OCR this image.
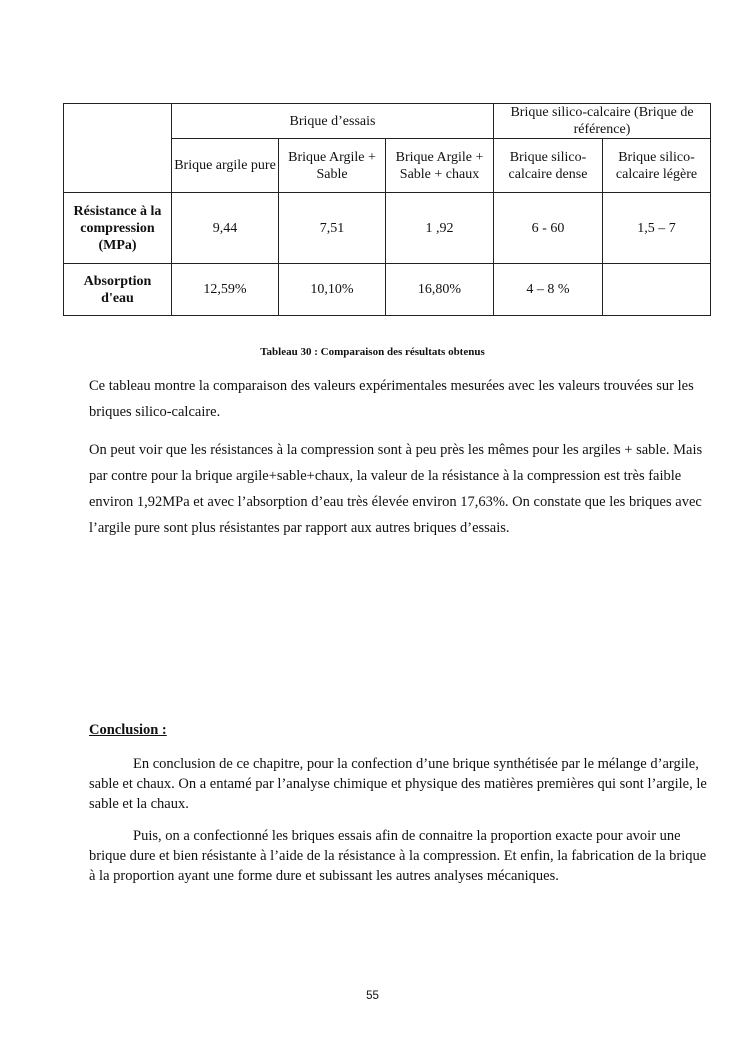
	Brique d’essais			Brique silico-calcaire (Brique de référence)	
	Brique argile pure	Brique Argile + Sable	Brique Argile + Sable + chaux	Brique silico-calcaire dense	Brique silico-calcaire légère
Résistance à la compression (MPa)	9,44	7,51	1 ,92	6 - 60	1,5 – 7
Absorption d'eau	12,59%	10,10%	16,80%	4 – 8 %	
Tableau 30 : Comparaison des résultats obtenus
Ce tableau montre la comparaison des valeurs expérimentales mesurées avec les valeurs trouvées sur les briques silico-calcaire.
On peut voir que les résistances à la compression sont à peu près les mêmes pour les argiles + sable. Mais par contre pour la brique argile+sable+chaux, la valeur de la résistance à la compression est très faible environ 1,92MPa et avec l’absorption d’eau très élevée environ 17,63%. On constate que les briques avec l’argile pure sont plus résistantes par rapport aux autres briques d’essais.
Conclusion :
En conclusion de ce chapitre, pour la confection d’une brique synthétisée par le mélange d’argile, sable et chaux. On a entamé par l’analyse chimique et physique des matières premières qui sont l’argile, le sable et la chaux.
Puis, on a confectionné les briques essais afin de connaitre la proportion exacte pour avoir une brique dure et bien résistante à l’aide de la résistance à la compression. Et enfin, la fabrication de la brique à la proportion ayant une forme dure et subissant les autres analyses mécaniques.
55
